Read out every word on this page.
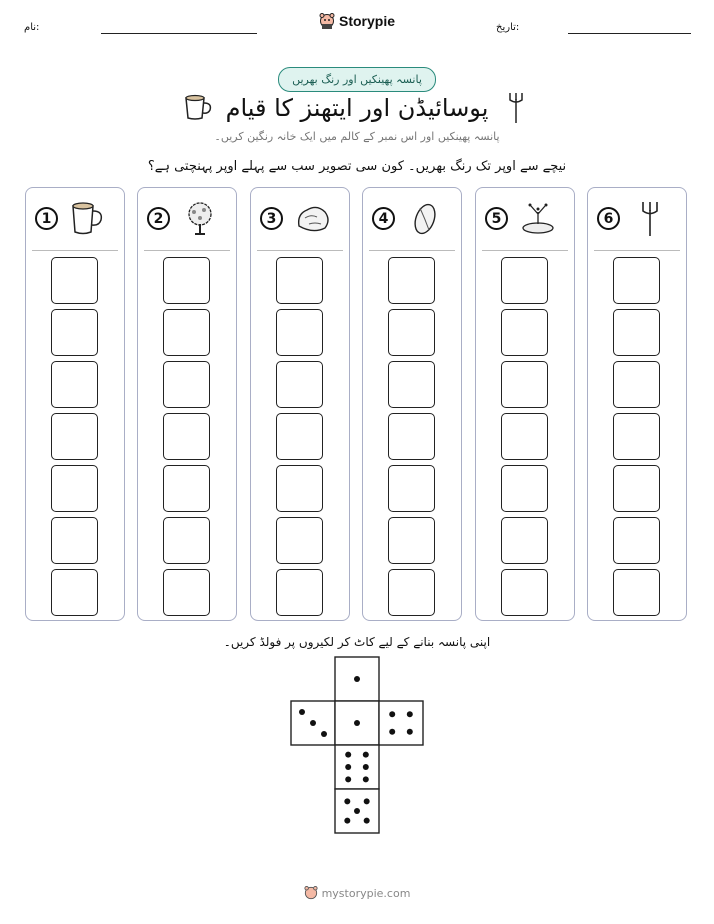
Storypie	تاریخ:
نام:
پانسہ پھینکیں اور رنگ بھریں
پوسائیڈن اور ایتھنز کا قیام
پانسہ پھینکیں اور اس نمبر کے کالم میں ایک خانہ رنگین کریں۔
نیچے سے اوپر تک رنگ بھریں۔ کون سی تصویر سب سے پہلے اوپر پہنچتی ہے؟
1	2	3	4	5	6
اپنی پانسہ بنانے کے لیے کاٹ کر لکیروں پر فولڈ کریں۔
mystorypie.com
